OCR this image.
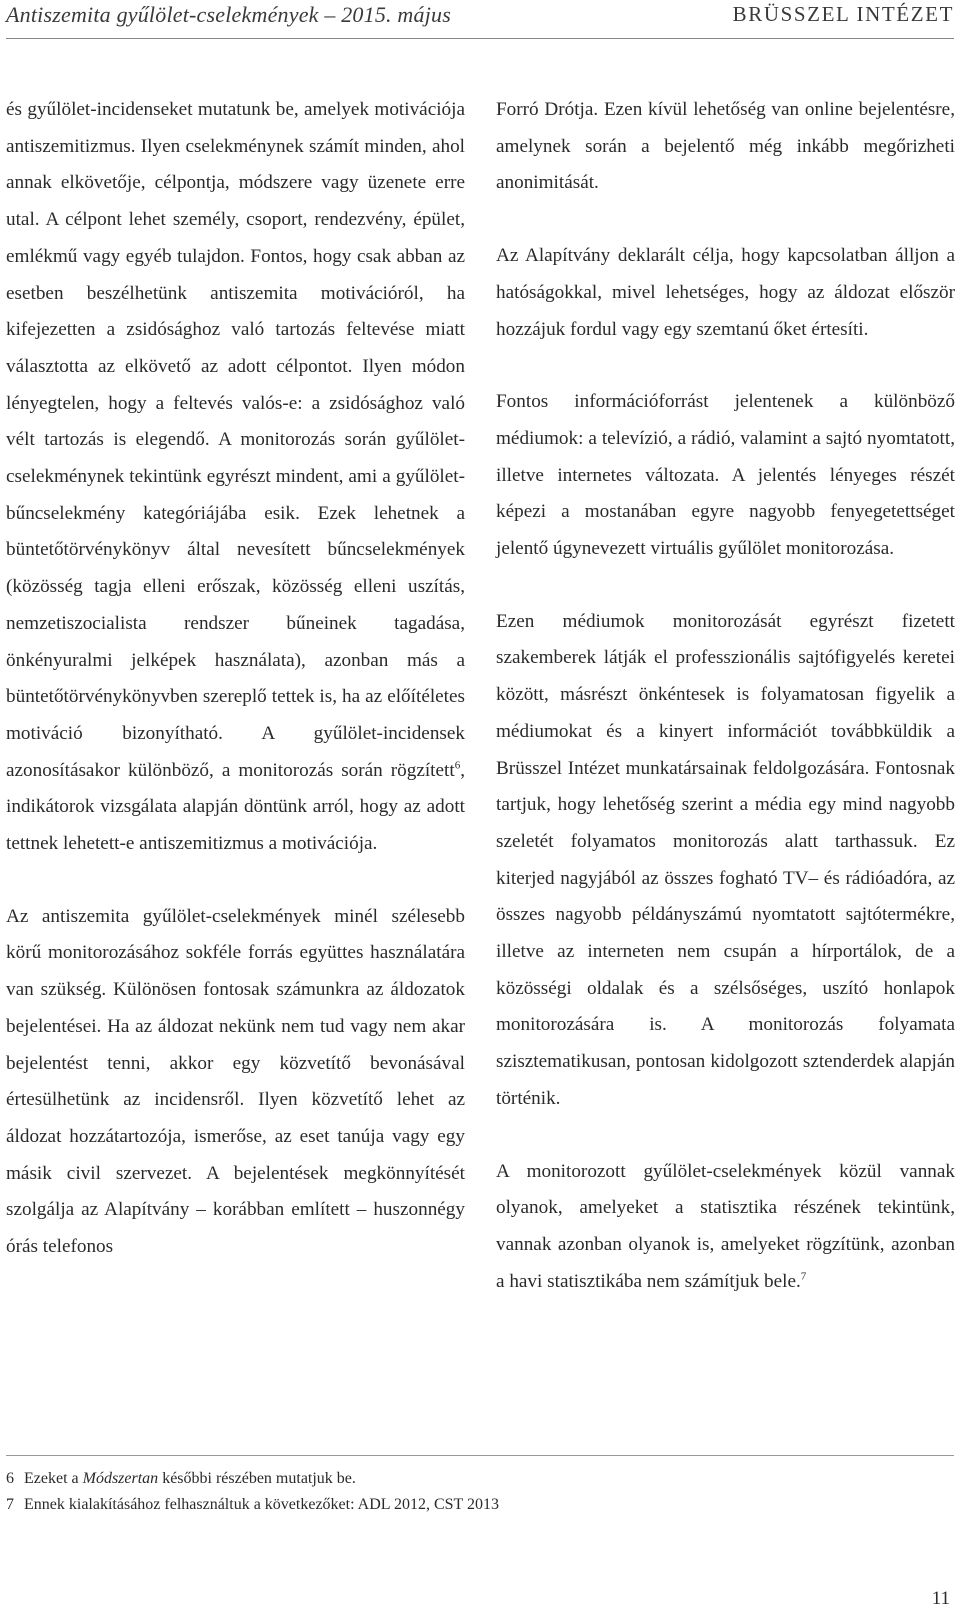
Antiszemita gyűlölet-cselekmények – 2015. május	BRÜSSZEL INTÉZET

és gyűlölet-incidenseket mutatunk be, amelyek motivációja antiszemitizmus. Ilyen cselekménynek számít minden, ahol annak elkövetője, célpontja, módszere vagy üzenete erre utal. A célpont lehet személy, csoport, rendezvény, épület, emlékmű vagy egyéb tulajdon. Fontos, hogy csak abban az esetben beszélhetünk antiszemita motivációról, ha kifejezetten a zsidósághoz való tartozás feltevése miatt választotta az elkövető az adott célpontot. Ilyen módon lényegtelen, hogy a feltevés valós-e: a zsidósághoz való vélt tartozás is elegendő. A monitorozás során gyűlölet-cselekménynek tekintünk egyrészt mindent, ami a gyűlölet-bűncselekmény kategóriájába esik. Ezek lehetnek a büntetőtörvénykönyv által nevesített bűncselekmények (közösség tagja elleni erőszak, közösség elleni uszítás, nemzetiszocialista rendszer bűneinek tagadása, önkényuralmi jelképek használata), azonban más a büntetőtörvénykönyvben szereplő tettek is, ha az előítéletes motiváció bizonyítható. A gyűlölet-incidensek azonosításakor különböző, a monitorozás során rögzített$^6$, indikátorok vizsgálata alapján döntünk arról, hogy az adott tettnek lehetett-e antiszemitizmus a motivációja.

Az antiszemita gyűlölet-cselekmények minél szélesebb körű monitorozásához sokféle forrás együttes használatára van szükség. Különösen fontosak számunkra az áldozatok bejelentései. Ha az áldozat nekünk nem tud vagy nem akar bejelentést tenni, akkor egy közvetítő bevonásával értesülhetünk az incidensről. Ilyen közvetítő lehet az áldozat hozzátartozója, ismerőse, az eset tanúja vagy egy másik civil szervezet. A bejelentések megkönnyítését szolgálja az Alapítvány – korábban említett – huszonnégy órás telefonos

Forró Drótja. Ezen kívül lehetőség van online bejelentésre, amelynek során a bejelentő még inkább megőrizheti anonimitását.

Az Alapítvány deklarált célja, hogy kapcsolatban álljon a hatóságokkal, mivel lehetséges, hogy az áldozat először hozzájuk fordul vagy egy szemtanú őket értesíti.

Fontos információforrást jelentenek a különböző médiumok: a televízió, a rádió, valamint a sajtó nyomtatott, illetve internetes változata. A jelentés lényeges részét képezi a mostanában egyre nagyobb fenyegetettséget jelentő úgynevezett virtuális gyűlölet monitorozása.

Ezen médiumok monitorozását egyrészt fizetett szakemberek látják el professzionális sajtófigyelés keretei között, másrészt önkéntesek is folyamatosan figyelik a médiumokat és a kinyert információt továbbküldik a Brüsszel Intézet munkatársainak feldolgozására. Fontosnak tartjuk, hogy lehetőség szerint a média egy mind nagyobb szeletét folyamatos monitorozás alatt tarthassuk. Ez kiterjed nagyjából az összes fogható TV– és rádióadóra, az összes nagyobb példányszámú nyomtatott sajtótermékre, illetve az interneten nem csupán a hírportálok, de a közösségi oldalak és a szélsőséges, uszító honlapok monitorozására is. A monitorozás folyamata szisztematikusan, pontosan kidolgozott sztenderdek alapján történik.

A monitorozott gyűlölet-cselekmények közül vannak olyanok, amelyeket a statisztika részének tekintünk, vannak azonban olyanok is, amelyeket rögzítünk, azonban a havi statisztikába nem számítjuk bele.$^7$

6 Ezeket a Módszertan későbbi részében mutatjuk be.
7 Ennek kialakításához felhasználtuk a következőket: ADL 2012, CST 2013
11
